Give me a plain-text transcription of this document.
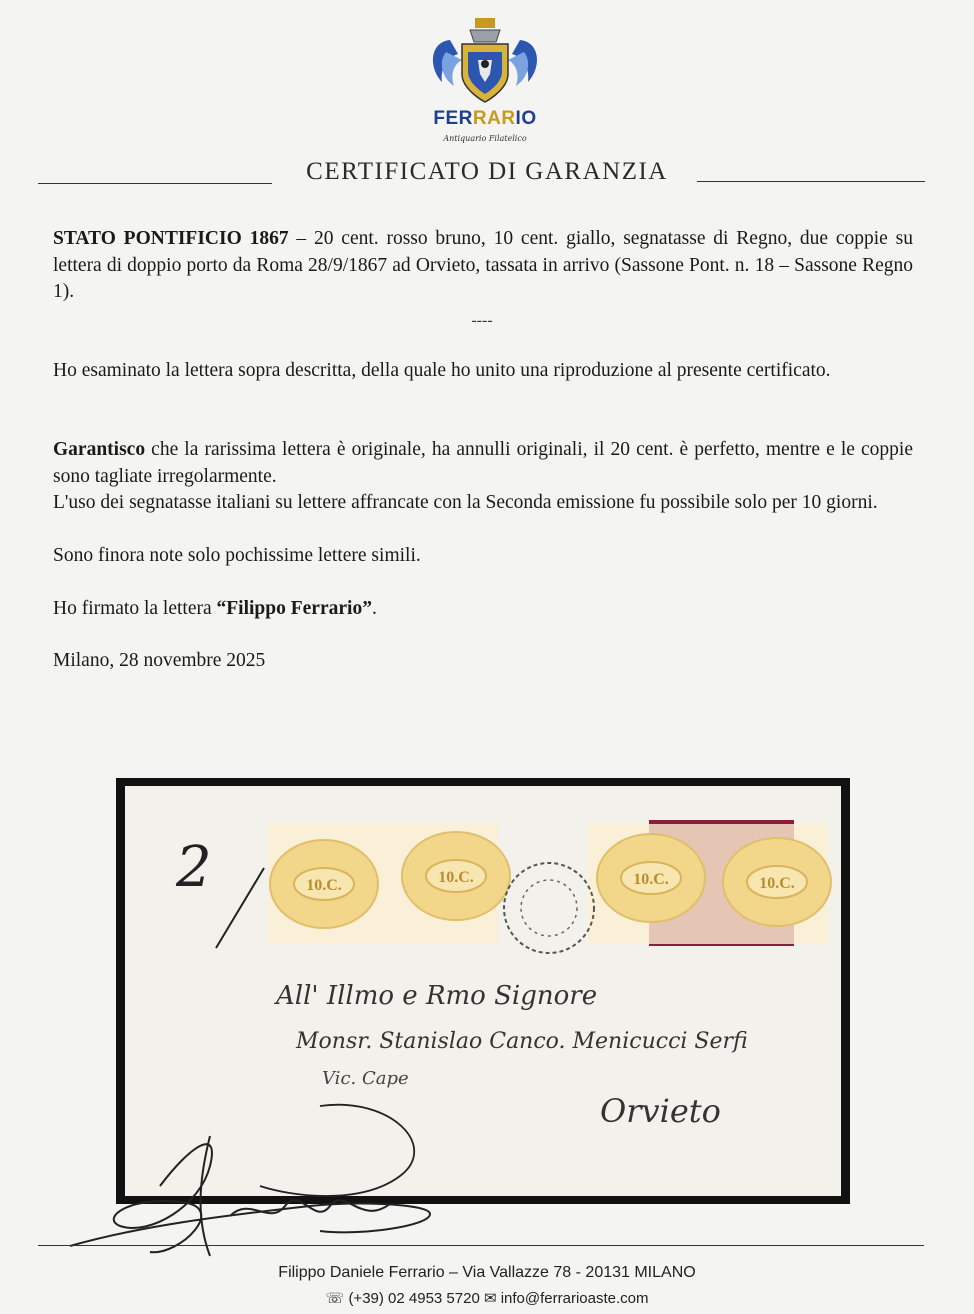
FERRARIO
Antiquario Filatelico
CERTIFICATO DI GARANZIA
STATO PONTIFICIO 1867 – 20 cent. rosso bruno, 10 cent. giallo, segnatasse di Regno, due coppie su lettera di doppio porto da Roma 28/9/1867 ad Orvieto, tassata in arrivo (Sassone Pont. n. 18 – Sassone Regno 1).
----
Ho esaminato la lettera sopra descritta, della quale ho unito una riproduzione al presente certificato.
Garantisco che la rarissima lettera è originale, ha annulli originali, il 20 cent. è perfetto, mentre e le coppie sono tagliate irregolarmente.
L'uso dei segnatasse italiani su lettere affrancate con la Seconda emissione fu possibile solo per 10 giorni.
Sono finora note solo pochissime lettere simili.
Ho firmato la lettera “Filippo Ferrario”.
Milano, 28 novembre 2025
10.C.	10.C.	10.C.	10.C.
2
All' Illmo e Rmo Signore
Monsr. Stanislao Canco. Menicucci Serfi
Vic. Cape
Orvieto
Filippo Daniele Ferrario – Via Vallazze 78 - 20131 MILANO
☏ (+39) 02 4953 5720 ✉ info@ferrarioaste.com
